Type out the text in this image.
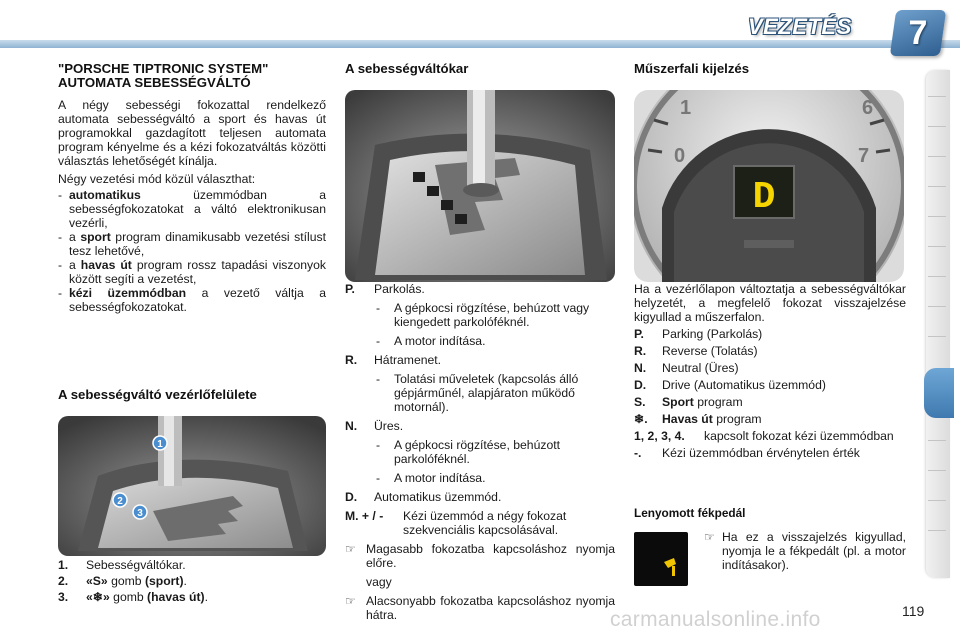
VEZETÉS	7
"PORSCHE TIPTRONIC SYSTEM" AUTOMATA SEBESSÉGVÁLTÓ

A négy sebességi fokozattal rendelkező automata sebességváltó a sport és havas út programokkal gazdagított teljesen automata program kényelme és a kézi fokozatváltás közötti választás lehetőségét kínálja.

Négy vezetési mód közül választhat:

- automatikus üzemmódban a sebességfokozatokat a váltó elektronikusan vezérli,
- a sport program dinamikusabb vezetési stílust tesz lehetővé,
- a havas út program rossz tapadási viszonyok között segíti a vezetést,
- kézi üzemmódban a vezető váltja a sebességfokozatokat.
A sebességváltó vezérlőfelülete
1
2
3
1. Sebességváltókar.
2. «S» gomb (sport).
3. «❄» gomb (havas út).
A sebességváltókar
P.	Parkolás.
-	A gépkocsi rögzítése, behúzott vagy kiengedett parkolóféknél.
-	A motor indítása.
R.	Hátramenet.
-	Tolatási műveletek (kapcsolás álló gépjárműnél, alapjáraton működő motornál).
N.	Üres.
-	A gépkocsi rögzítése, behúzott parkolóféknél.
-	A motor indítása.
D.	Automatikus üzemmód.
M. + / -	Kézi üzemmód a négy fokozat szekvenciális kapcsolásával.
☞ Magasabb fokozatba kapcsoláshoz nyomja előre.
vagy
☞ Alacsonyabb fokozatba kapcsoláshoz nyomja hátra.
Műszerfali kijelzés
1	6
0	7
D

Ha a vezérlőlapon változtatja a sebességváltókar helyzetét, a megfelelő fokozat visszajelzése kigyullad a műszerfalon.

P.	Parking (Parkolás)
R.	Reverse (Tolatás)
N.	Neutral (Üres)
D.	Drive (Automatikus üzemmód)
S.	Sport program
❄.	Havas út program
1, 2, 3, 4.	kapcsolt fokozat kézi üzemmódban
-.	Kézi üzemmódban érvénytelen érték
Lenyomott fékpedál
☞ Ha ez a visszajelzés kigyullad, nyomja le a fékpedált (pl. a motor indításakor).
carmanualsonline.info	119
